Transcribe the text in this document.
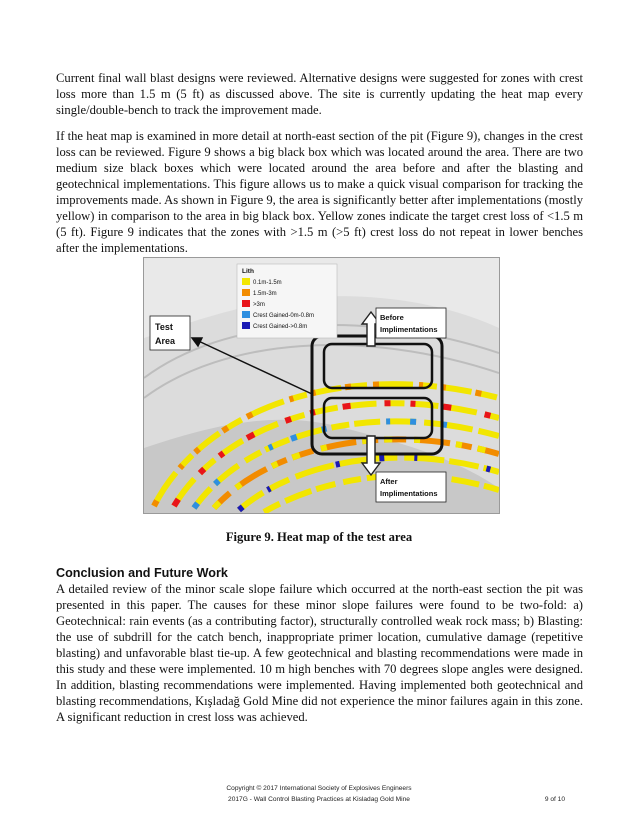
Current final wall blast designs were reviewed. Alternative designs were suggested for zones with crest loss more than 1.5 m (5 ft) as discussed above. The site is currently updating the heat map every single/double-bench to track the improvement made.

If the heat map is examined in more detail at north-east section of the pit (Figure 9), changes in the crest loss can be reviewed. Figure 9 shows a big black box which was located around the area. There are two medium size black boxes which were located around the area before and after the blasting and geotechnical implementations. This figure allows us to make a quick visual comparison for tracking the improvements made. As shown in Figure 9, the area is significantly better after implementations (mostly yellow) in comparison to the area in big black box. Yellow zones indicate the target crest loss of <1.5 m (5 ft). Figure 9 indicates that the zones with >1.5 m (>5 ft) crest loss do not repeat in lower benches after the implementations.

Lith
0.1m-1.5m
1.5m-3m
>3m
Crest Gained-0m-0.8m
Crest Gained->0.8m
Test
Area
Before
Implimentations
After
Implimentations
Figure 9. Heat map of the test area
Conclusion and Future Work

A detailed review of the minor scale slope failure which occurred at the north-east section the pit was presented in this paper. The causes for these minor slope failures were found to be two-fold: a) Geotechnical: rain events (as a contributing factor), structurally controlled weak rock mass; b) Blasting: the use of subdrill for the catch bench, inappropriate primer location, cumulative damage (repetitive blasting) and unfavorable blast tie-up. A few geotechnical and blasting recommendations were made in this study and these were implemented. 10 m high benches with 70 degrees slope angles were designed. In addition, blasting recommendations were implemented. Having implemented both geotechnical and blasting recommendations, Kışladağ Gold Mine did not experience the minor failures again in this zone. A significant reduction in crest loss was achieved.

Copyright © 2017 International Society of Explosives Engineers
2017G - Wall Control Blasting Practices at Kisladag Gold Mine	9 of 10
